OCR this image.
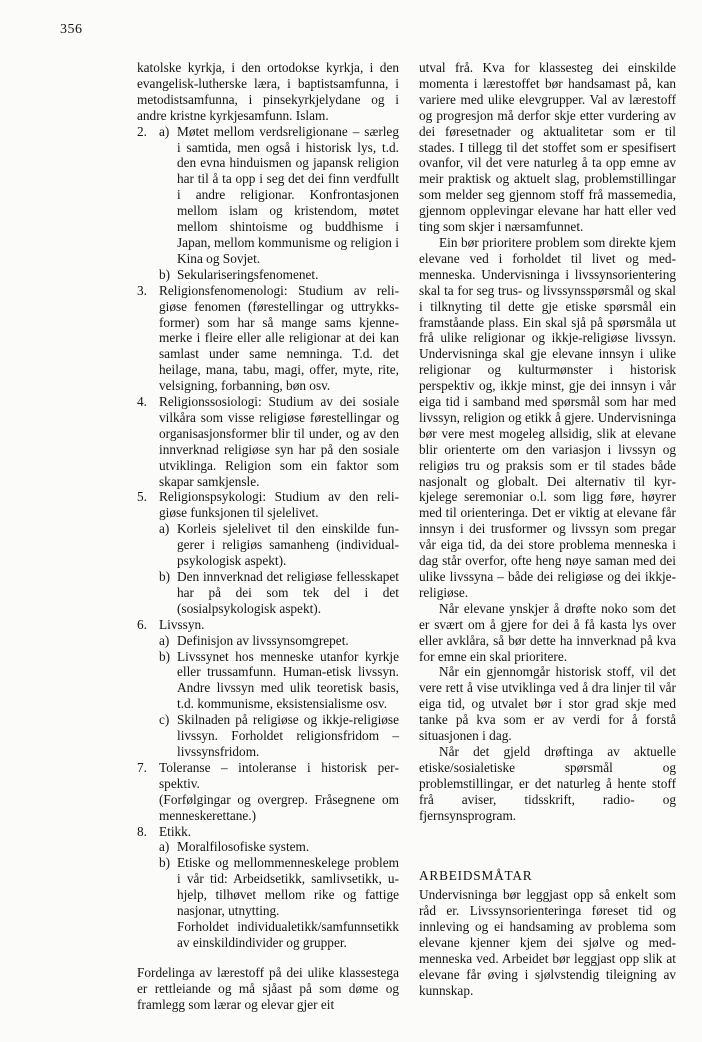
356

katolske kyrkja, i den ortodokse kyrkja, i den evangelisk-lutherske læra, i baptistsamfunna, i metodistsamfunna, i pinsekyrkjelydane og i andre kristne kyrkjesamfunn. Islam.

2. a) Møtet mellom verdsreligionane – særleg i samtida, men også i historisk lys, t.d. den evna hinduismen og japansk religion har til å ta opp i seg det dei finn verdfullt i andre religionar. Konfrontasjonen mellom islam og kristendom, møtet mellom shintoisme og buddhisme i Japan, mellom kommunisme og religion i Kina og Sovjet.

b) Sekulariseringsfenomenet.

3. Religionsfenomenologi: Studium av religiøse fenomen (førestellingar og uttrykksformer) som har så mange sams kjennemerke i fleire eller alle religionar at dei kan samlast under same nemninga. T.d. det heilage, mana, tabu, magi, offer, myte, rite, velsigning, forbanning, bøn osv.

4. Religionssosiologi: Studium av dei sosiale vilkåra som visse religiøse førestellingar og organisasjonsformer blir til under, og av den innverknad religiøse syn har på den sosiale utviklinga. Religion som ein faktor som skapar samkjensle.

5. Religionspsykologi: Studium av den religiøse funksjonen til sjelelivet.

a) Korleis sjelelivet til den einskilde fungerer i religiøs samanheng (individualpsykologisk aspekt).

b) Den innverknad det religiøse fellesskapet har på dei som tek del i det (sosialpsykologisk aspekt).

6. Livssyn.

a) Definisjon av livssynsomgrepet.

b) Livssynet hos menneske utanfor kyrkje eller trussamfunn. Human-etisk livssyn. Andre livssyn med ulik teoretisk basis, t.d. kommunisme, eksistensialisme osv.

c) Skilnaden på religiøse og ikkje-religiøse livssyn. Forholdet religionsfridom – livssynsfridom.

7. Toleranse – intoleranse i historisk perspektiv.

(Forfølgingar og overgrep. Fråsegnene om menneskerettane.)

8. Etikk.

a) Moralfilosofiske system.

b) Etiske og mellommenneskelege problem i vår tid: Arbeidsetikk, samlivsetikk, u-hjelp, tilhøvet mellom rike og fattige nasjonar, utnytting.

Forholdet individualetikk/samfunnsetikk av einskildindivider og grupper.

Fordelinga av lærestoff på dei ulike klassestega er rettleiande og må sjåast på som døme og framlegg som lærar og elevar gjer eit

utval frå. Kva for klassesteg dei einskilde momenta i lærestoffet bør handsamast på, kan variere med ulike elevgrupper. Val av lærestoff og progresjon må derfor skje etter vurdering av dei føresetnader og aktualitetar som er til stades. I tillegg til det stoffet som er spesifisert ovanfor, vil det vere naturleg å ta opp emne av meir praktisk og aktuelt slag, problemstillingar som melder seg gjennom stoff frå massemedia, gjennom opplevingar elevane har hatt eller ved ting som skjer i nærsamfunnet.

Ein bør prioritere problem som direkte kjem elevane ved i forholdet til livet og medmenneska. Undervisninga i livssynsorientering skal ta for seg trus- og livssynsspørsmål og skal i tilknyting til dette gje etiske spørsmål ein framståande plass. Ein skal sjå på spørsmåla ut frå ulike religionar og ikkje-religiøse livssyn. Undervisninga skal gje elevane innsyn i ulike religionar og kulturmønster i historisk perspektiv og, ikkje minst, gje dei innsyn i vår eiga tid i samband med spørsmål som har med livssyn, religion og etikk å gjere. Undervisninga bør vere mest mogeleg allsidig, slik at elevane blir orienterte om den variasjon i livssyn og religiøs tru og praksis som er til stades både nasjonalt og globalt. Dei alternativ til kyrkjelege seremoniar o.l. som ligg føre, høyrer med til orienteringa. Det er viktig at elevane får innsyn i dei trusformer og livssyn som pregar vår eiga tid, da dei store problema menneska i dag står overfor, ofte heng nøye saman med dei ulike livssyna – både dei religiøse og dei ikkje-religiøse.

Når elevane ynskjer å drøfte noko som det er svært om å gjere for dei å få kasta lys over eller avklåra, så bør dette ha innverknad på kva for emne ein skal prioritere.

Når ein gjennomgår historisk stoff, vil det vere rett å vise utviklinga ved å dra linjer til vår eiga tid, og utvalet bør i stor grad skje med tanke på kva som er av verdi for å forstå situasjonen i dag.

Når det gjeld drøftinga av aktuelle etiske/sosialetiske spørsmål og problemstillingar, er det naturleg å hente stoff frå aviser, tidsskrift, radio- og fjernsynsprogram.

ARBEIDSMÅTAR

Undervisninga bør leggjast opp så enkelt som råd er. Livssynsorienteringa føreset tid og innleving og ei handsaming av problema som elevane kjenner kjem dei sjølve og medmenneska ved. Arbeidet bør leggjast opp slik at elevane får øving i sjølvstendig tileigning av kunnskap.
